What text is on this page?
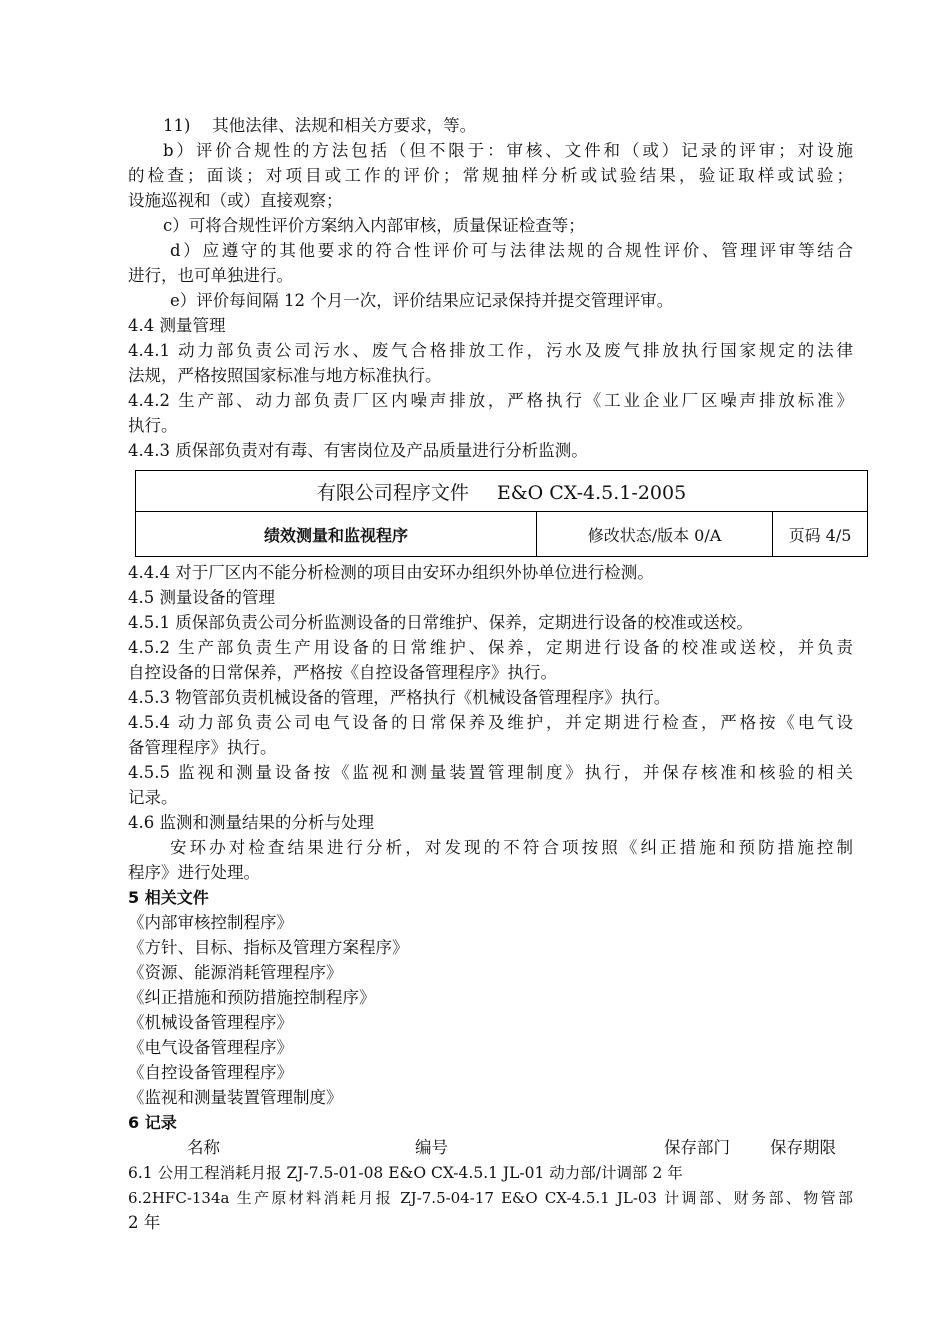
11)　 其他法律、法规和相关方要求，等。
b）评价合规性的方法包括（但不限于：审核、文件和（或）记录的评审；对设施
的检查；面谈；对项目或工作的评价；常规抽样分析或试验结果，验证取样或试验；
设施巡视和（或）直接观察；
c）可将合规性评价方案纳入内部审核，质量保证检查等；
d）应遵守的其他要求的符合性评价可与法律法规的合规性评价、管理评审等结合
进行，也可单独进行。
e）评价每间隔 12 个月一次，评价结果应记录保持并提交管理评审。
4.4 测量管理
4.4.1 动力部负责公司污水、废气合格排放工作，污水及废气排放执行国家规定的法律
法规，严格按照国家标准与地方标准执行。
4.4.2 生产部、动力部负责厂区内噪声排放，严格执行《工业企业厂区噪声排放标准》
执行。
4.4.3 质保部负责对有毒、有害岗位及产品质量进行分析监测。
有限公司程序文件 E&O CX-4.5.1-2005
绩效测量和监视程序	修改状态/版本 0/A	页码 4/5
4.4.4 对于厂区内不能分析检测的项目由安环办组织外协单位进行检测。
4.5 测量设备的管理
4.5.1 质保部负责公司分析监测设备的日常维护、保养，定期进行设备的校准或送校。
4.5.2 生产部负责生产用设备的日常维护、保养，定期进行设备的校准或送校，并负责
自控设备的日常保养，严格按《自控设备管理程序》执行。
4.5.3 物管部负责机械设备的管理，严格执行《机械设备管理程序》执行。
4.5.4 动力部负责公司电气设备的日常保养及维护，并定期进行检查，严格按《电气设
备管理程序》执行。
4.5.5 监视和测量设备按《监视和测量装置管理制度》执行，并保存核准和核验的相关
记录。
4.6 监测和测量结果的分析与处理
安环办对检查结果进行分析，对发现的不符合项按照《纠正措施和预防措施控制
程序》进行处理。
5 相关文件
《内部审核控制程序》
《方针、目标、指标及管理方案程序》
《资源、能源消耗管理程序》
《纠正措施和预防措施控制程序》
《机械设备管理程序》
《电气设备管理程序》
《自控设备管理程序》
《监视和测量装置管理制度》
6 记录
名称	编号	保存部门 保存期限
6.1 公用工程消耗月报 ZJ-7.5-01-08 E&O CX-4.5.1 JL-01 动力部/计调部 2 年
6.2HFC-134a 生产原材料消耗月报 ZJ-7.5-04-17 E&O CX-4.5.1 JL-03 计调部、财务部、物管部
2 年
